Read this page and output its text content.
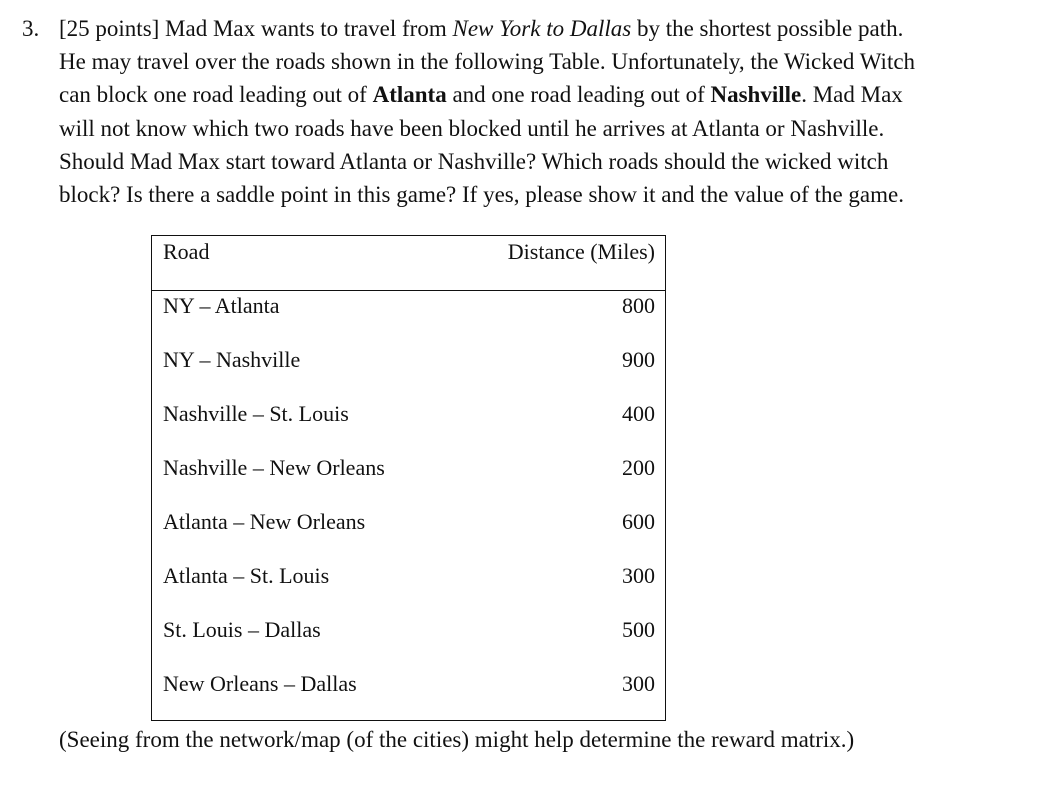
3. [25 points] Mad Max wants to travel from New York to Dallas by the shortest possible path.
He may travel over the roads shown in the following Table. Unfortunately, the Wicked Witch
can block one road leading out of Atlanta and one road leading out of Nashville. Mad Max
will not know which two roads have been blocked until he arrives at Atlanta or Nashville.
Should Mad Max start toward Atlanta or Nashville? Which roads should the wicked witch
block? Is there a saddle point in this game? If yes, please show it and the value of the game.

Road	Distance (Miles)
NY – Atlanta	800
NY – Nashville	900
Nashville – St. Louis	400
Nashville – New Orleans	200
Atlanta – New Orleans	600
Atlanta – St. Louis	300
St. Louis – Dallas	500
New Orleans – Dallas	300
(Seeing from the network/map (of the cities) might help determine the reward matrix.)
